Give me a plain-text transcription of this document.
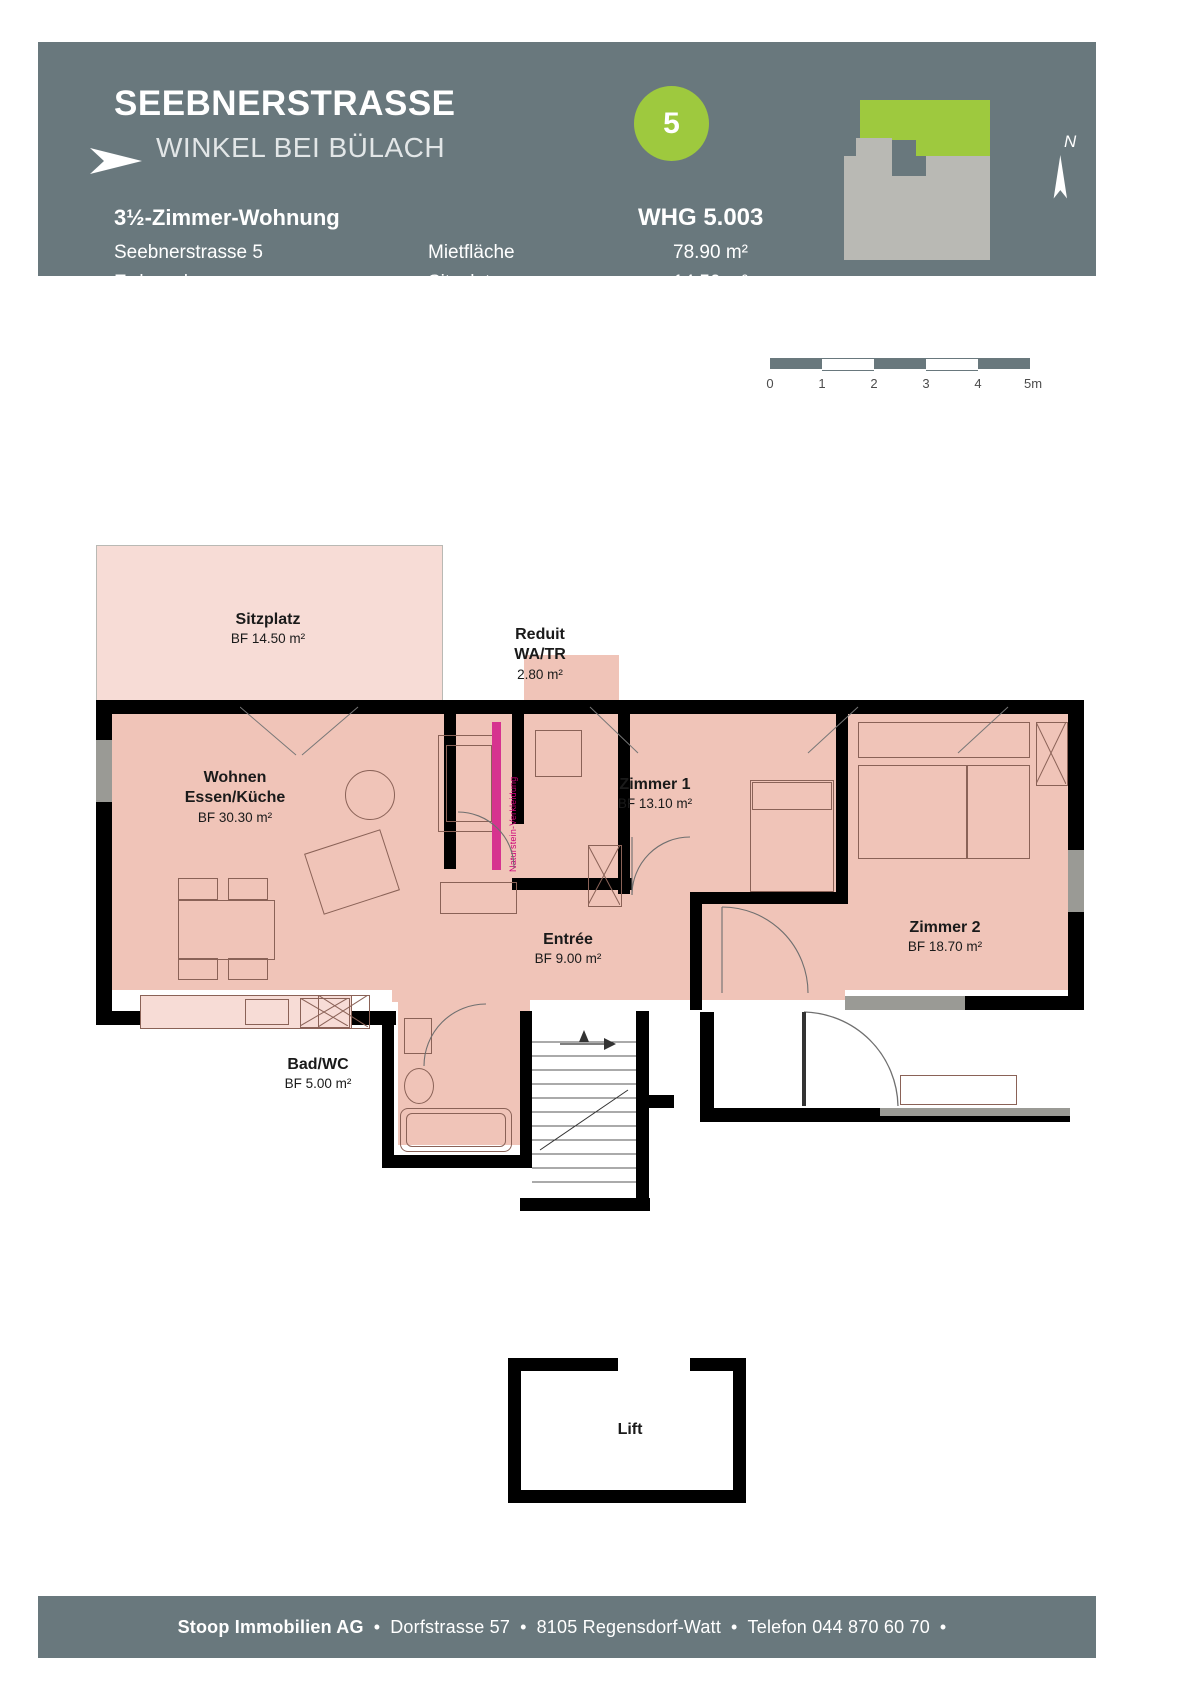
SEEBNERSTRASSE
WINKEL BEI BÜLACH
3½-Zimmer-Wohnung
Seebnerstrasse 5
Erdgeschoss
Mietfläche
Sitzplatz
WHG 5.003
78.90 m²
14.50 m²
5
N
0	1	2	3	4	5m
Naturstein-Verkleidung
Sitzplatz
BF 14.50 m²	Reduit
WA/TR
2.80 m²
Wohnen
Essen/Küche
BF 30.30 m²
Zimmer 1
BF 13.10 m²
Zimmer 2
BF 18.70 m²
Entrée
BF 9.00 m²
Bad/WC
BF 5.00 m²
Lift
Stoop Immobilien AG • Dorfstrasse 57 • 8105 Regensdorf-Watt • Telefon 044 870 60 70 •
